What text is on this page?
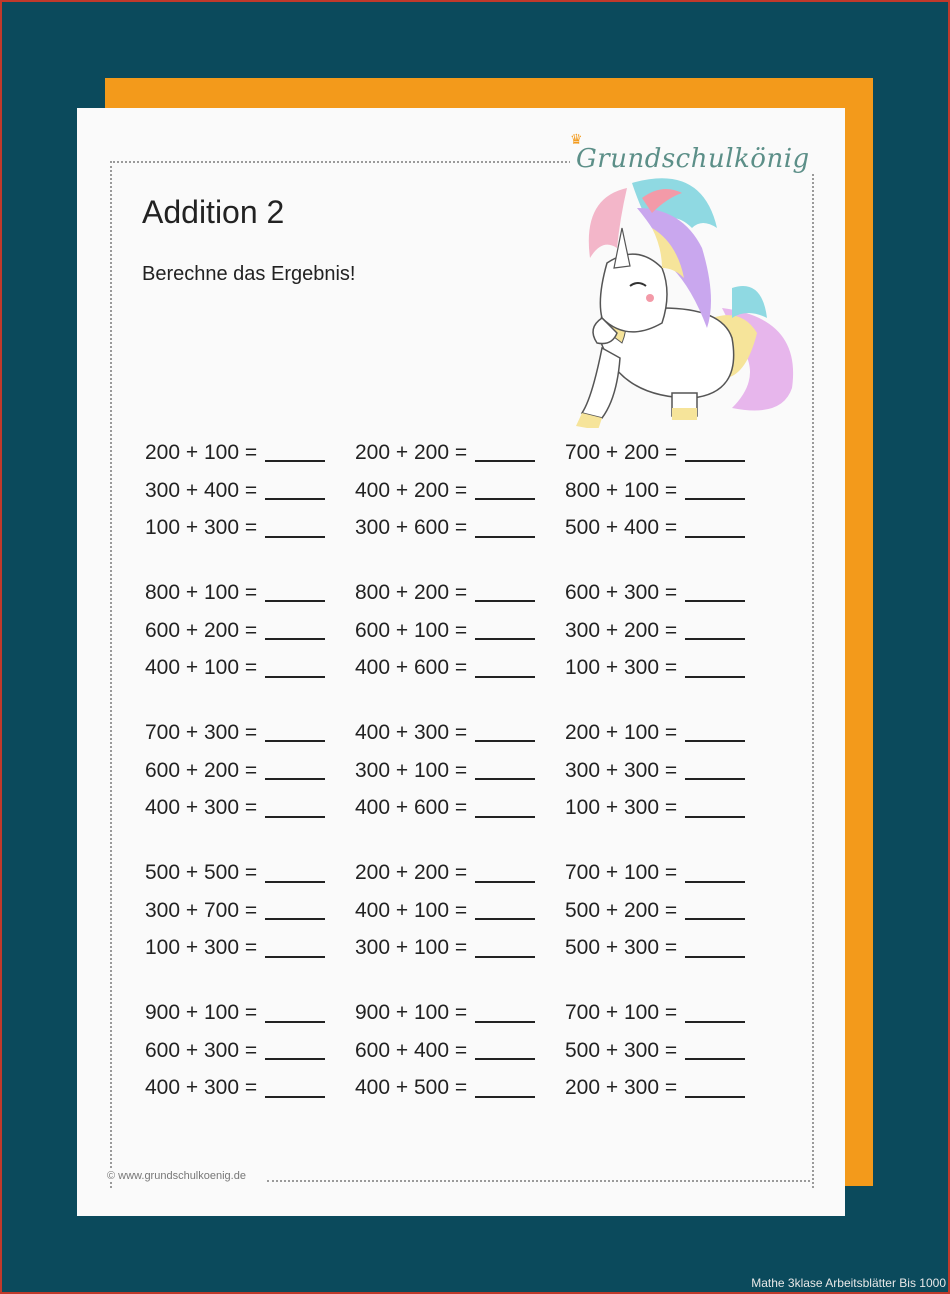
♛
Grundschulkönig
Addition 2
Berechne das Ergebnis!
200 + 100 =	200 + 200 =	700 + 200 =
300 + 400 =	400 + 200 =	800 + 100 =
100 + 300 =	300 + 600 =	500 + 400 =
800 + 100 =	800 + 200 =	600 + 300 =
600 + 200 =	600 + 100 =	300 + 200 =
400 + 100 =	400 + 600 =	100 + 300 =
700 + 300 =	400 + 300 =	200 + 100 =
600 + 200 =	300 + 100 =	300 + 300 =
400 + 300 =	400 + 600 =	100 + 300 =
500 + 500 =	200 + 200 =	700 + 100 =
300 + 700 =	400 + 100 =	500 + 200 =
100 + 300 =	300 + 100 =	500 + 300 =
900 + 100 =	900 + 100 =	700 + 100 =
600 + 300 =	600 + 400 =	500 + 300 =
400 + 300 =	400 + 500 =	200 + 300 =
© www.grundschulkoenig.de
Mathe 3klase Arbeitsblätter Bis 1000
